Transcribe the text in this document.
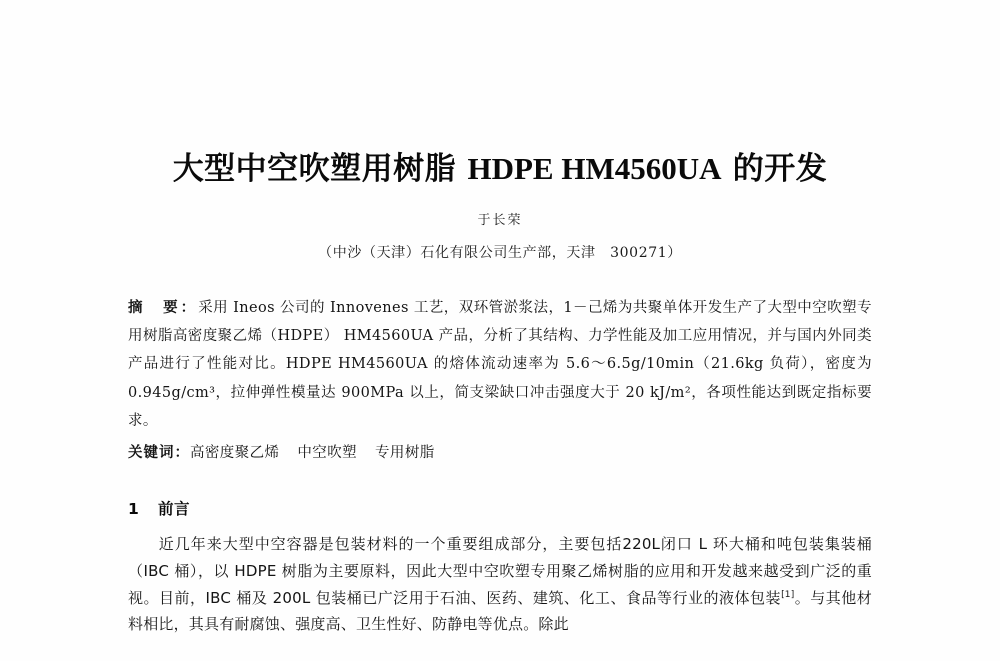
大型中空吹塑用树脂 HDPE HM4560UA 的开发

于长荣

（中沙（天津）石化有限公司生产部，天津　300271）

摘　要：采用 Ineos 公司的 Innovenes 工艺，双环管淤浆法，1－己烯为共聚单体开发生产了大型中空吹塑专用树脂高密度聚乙烯（HDPE） HM4560UA 产品，分析了其结构、力学性能及加工应用情况，并与国内外同类产品进行了性能对比。HDPE HM4560UA 的熔体流动速率为 5.6～6.5g/10min（21.6kg 负荷），密度为 0.945g/cm³，拉伸弹性模量达 900MPa 以上，简支梁缺口冲击强度大于 20 kJ/m²，各项性能达到既定指标要求。

关键词：高密度聚乙烯 中空吹塑 专用树脂

1 前言

近几年来大型中空容器是包装材料的一个重要组成部分，主要包括220L闭口 L 环大桶和吨包装集装桶（IBC 桶），以 HDPE 树脂为主要原料，因此大型中空吹塑专用聚乙烯树脂的应用和开发越来越受到广泛的重视。目前，IBC 桶及 200L 包装桶已广泛用于石油、医药、建筑、化工、食品等行业的液体包装[1]。与其他材料相比，其具有耐腐蚀、强度高、卫生性好、防静电等优点。除此
